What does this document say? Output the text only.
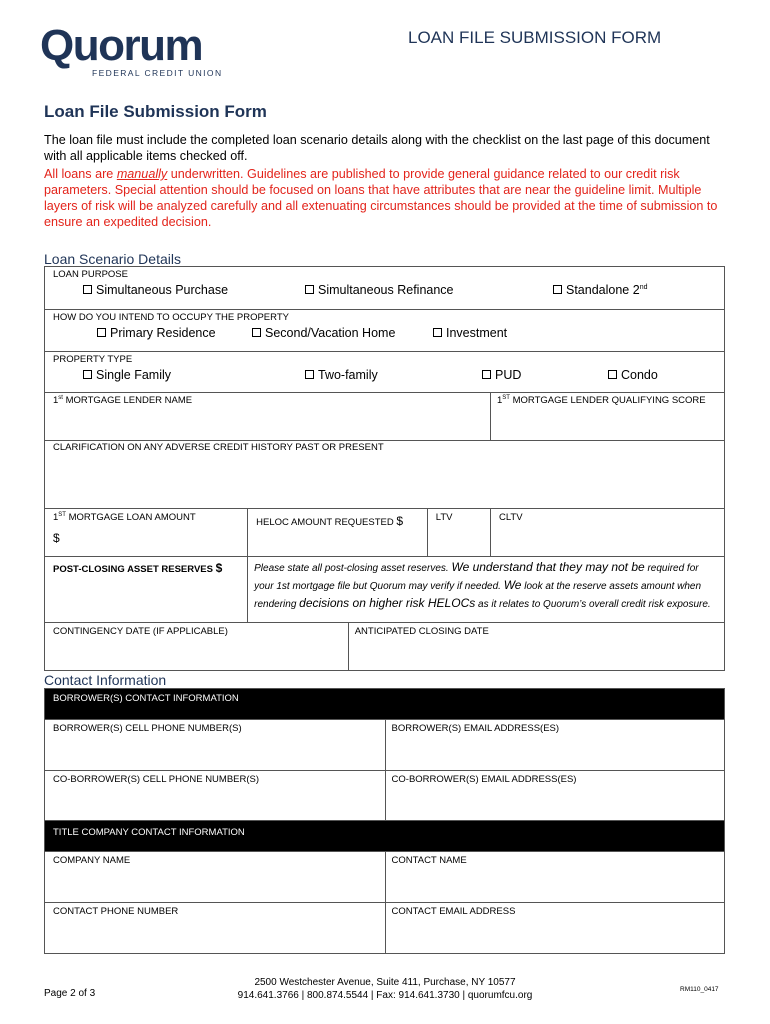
Quorum
FEDERAL CREDIT UNION
LOAN FILE SUBMISSION FORM
Loan File Submission Form
The loan file must include the completed loan scenario details along with the checklist on the last page of this document with all applicable items checked off.
All loans are manually underwritten. Guidelines are published to provide general guidance related to our credit risk parameters. Special attention should be focused on loans that have attributes that are near the guideline limit. Multiple layers of risk will be analyzed carefully and all extenuating circumstances should be provided at the time of submission to ensure an expedited decision.
Loan Scenario Details
LOAN PURPOSE
Simultaneous Purchase Simultaneous Refinance Standalone 2nd

HOW DO YOU INTEND TO OCCUPY THE PROPERTY
Primary Residence Second/Vacation Home Investment				

PROPERTY TYPE
Single Family Two-family PUD Condo				

1st MORTGAGE LENDER NAME				1ST MORTGAGE LENDER QUALIFYING SCORE

CLARIFICATION ON ANY ADVERSE CREDIT HISTORY PAST OR PRESENT				

1ST MORTGAGE LOAN AMOUNT
$	HELOC AMOUNT REQUESTED $		LTV	CLTV

POST-CLOSING ASSET RESERVES $	Please state all post-closing asset reserves. We understand that they may not be required for your 1st mortgage file but Quorum may verify if needed. We look at the reserve assets amount when rendering decisions on higher risk HELOCs as it relates to Quorum’s overall credit risk exposure.			

CONTINGENCY DATE (IF APPLICABLE)		ANTICIPATED CLOSING DATE		
Contact Information
BORROWER(S) CONTACT INFORMATION	

BORROWER(S) CELL PHONE NUMBER(S)	BORROWER(S) EMAIL ADDRESS(ES)

CO-BORROWER(S) CELL PHONE NUMBER(S)	CO-BORROWER(S) EMAIL ADDRESS(ES)

TITLE COMPANY CONTACT INFORMATION	

COMPANY NAME	CONTACT NAME

CONTACT PHONE NUMBER	CONTACT EMAIL ADDRESS
Page 2 of 3
2500 Westchester Avenue, Suite 411, Purchase, NY 10577
914.641.3766 | 800.874.5544 | Fax: 914.641.3730 | quorumfcu.org
RM110_0417
